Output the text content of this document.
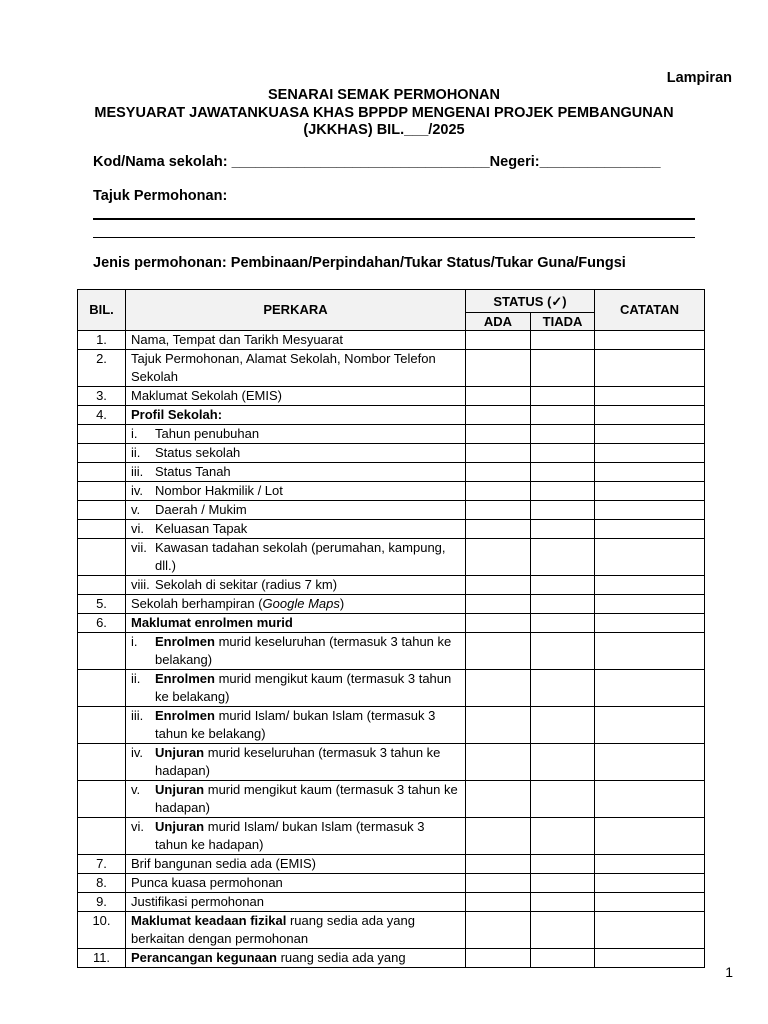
Lampiran
SENARAI SEMAK PERMOHONAN
MESYUARAT JAWATANKUASA KHAS BPPDP MENGENAI PROJEK PEMBANGUNAN
(JKKHAS) BIL.___/2025
Kod/Nama sekolah: ________________________________Negeri:_______________
Tajuk Permohonan:
Jenis permohonan: Pembinaan/Perpindahan/Tukar Status/Tukar Guna/Fungsi
BIL.	PERKARA	STATUS (✓)		CATATAN
		ADA	TIADA	
1.	Nama, Tempat dan Tarikh Mesyuarat			

2.	Tajuk Permohonan, Alamat Sekolah, Nombor Telefon Sekolah			

3.	Maklumat Sekolah (EMIS)			

4.	Profil Sekolah:			

	i. Tahun penubuhan			

	ii. Status sekolah			

	iii. Status Tanah			

	iv. Nombor Hakmilik / Lot			

	v. Daerah / Mukim			

	vi. Keluasan Tapak			

	vii. Kawasan tadahan sekolah (perumahan, kampung, dll.)			

	viii. Sekolah di sekitar (radius 7 km)			

5.	Sekolah berhampiran (Google Maps)			

6.	Maklumat enrolmen murid			

	i. Enrolmen murid keseluruhan (termasuk 3 tahun ke belakang)			

	ii. Enrolmen murid mengikut kaum (termasuk 3 tahun ke belakang)			

	iii. Enrolmen murid Islam/ bukan Islam (termasuk 3 tahun ke belakang)			

	iv. Unjuran murid keseluruhan (termasuk 3 tahun ke hadapan)			

	v. Unjuran murid mengikut kaum (termasuk 3 tahun ke hadapan)			

	vi. Unjuran murid Islam/ bukan Islam (termasuk 3 tahun ke hadapan)			

7.	Brif bangunan sedia ada (EMIS)			

8.	Punca kuasa permohonan			

9.	Justifikasi permohonan			

10.	Maklumat keadaan fizikal ruang sedia ada yang berkaitan dengan permohonan			

11.	Perancangan kegunaan ruang sedia ada yang			

1
